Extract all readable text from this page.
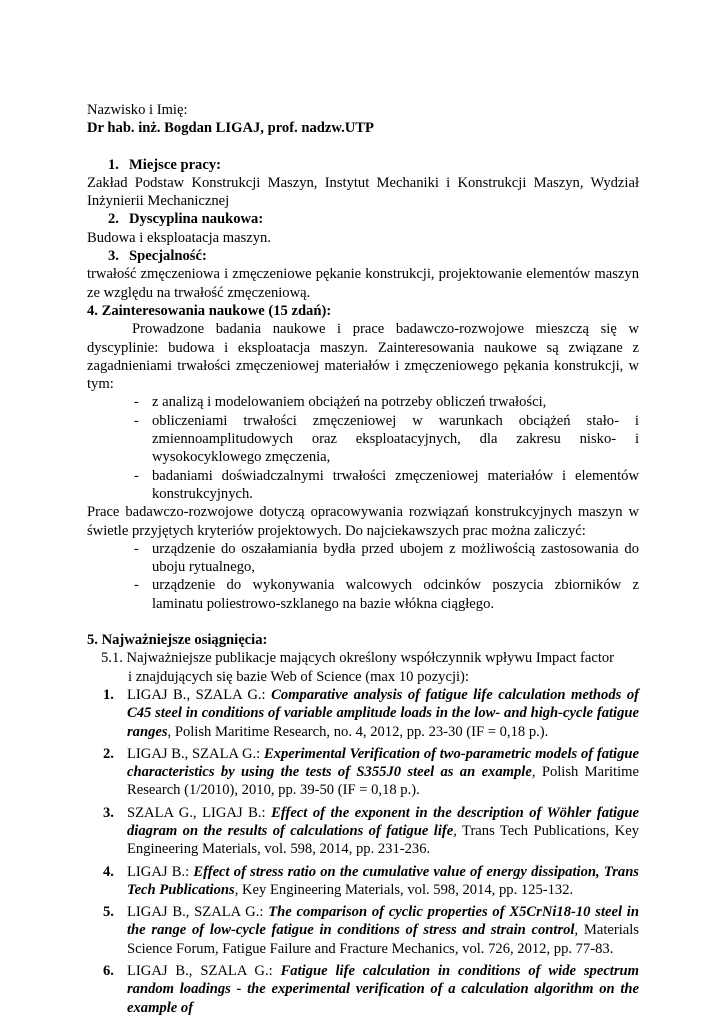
Nazwisko i Imię:
Dr hab. inż. Bogdan LIGAJ, prof. nadzw.UTP
1. Miejsce pracy:
Zakład Podstaw Konstrukcji Maszyn, Instytut Mechaniki i Konstrukcji Maszyn, Wydział
Inżynierii Mechanicznej
2. Dyscyplina naukowa:
Budowa i eksploatacja maszyn.
3. Specjalność:
trwałość zmęczeniowa i zmęczeniowe pękanie konstrukcji, projektowanie elementów maszyn
ze względu na trwałość zmęczeniową.
4. Zainteresowania naukowe (15 zdań):
Prowadzone badania naukowe i prace badawczo-rozwojowe mieszczą się w dyscyplinie: budowa i eksploatacja maszyn. Zainteresowania naukowe są związane z zagadnieniami trwałości zmęczeniowej materiałów i zmęczeniowego pękania konstrukcji, w tym:
- z analizą i modelowaniem obciążeń na potrzeby obliczeń trwałości,
- obliczeniami trwałości zmęczeniowej w warunkach obciążeń stało- i zmiennoamplitudowych oraz eksploatacyjnych, dla zakresu nisko- i wysokocyklowego zmęczenia,
- badaniami doświadczalnymi trwałości zmęczeniowej materiałów i elementów konstrukcyjnych.
Prace badawczo-rozwojowe dotyczą opracowywania rozwiązań konstrukcyjnych maszyn w świetle przyjętych kryteriów projektowych. Do najciekawszych prac można zaliczyć:
- urządzenie do oszałamiania bydła przed ubojem z możliwością zastosowania do uboju rytualnego,
- urządzenie do wykonywania walcowych odcinków poszycia zbiorników z laminatu poliestrowo-szklanego na bazie włókna ciągłego.
5. Najważniejsze osiągnięcia:
5.1. Najważniejsze publikacje mających określony współczynnik wpływu Impact factor
i znajdujących się bazie Web of Science (max 10 pozycji):
1. LIGAJ B., SZALA G.: Comparative analysis of fatigue life calculation methods of C45 steel in conditions of variable amplitude loads in the low- and high-cycle fatigue ranges, Polish Maritime Research, no. 4, 2012, pp. 23-30 (IF = 0,18 p.).
2. LIGAJ B., SZALA G.: Experimental Verification of two-parametric models of fatigue characteristics by using the tests of S355J0 steel as an example, Polish Maritime Research (1/2010), 2010, pp. 39-50 (IF = 0,18 p.).
3. SZALA G., LIGAJ B.: Effect of the exponent in the description of Wöhler fatigue diagram on the results of calculations of fatigue life, Trans Tech Publications, Key Engineering Materials, vol. 598, 2014, pp. 231-236.
4. LIGAJ B.: Effect of stress ratio on the cumulative value of energy dissipation, Trans Tech Publications, Key Engineering Materials, vol. 598, 2014, pp. 125-132.
5. LIGAJ B., SZALA G.: The comparison of cyclic properties of X5CrNi18-10 steel in the range of low-cycle fatigue in conditions of stress and strain control, Materials Science Forum, Fatigue Failure and Fracture Mechanics, vol. 726, 2012, pp. 77-83.
6. LIGAJ B., SZALA G.: Fatigue life calculation in conditions of wide spectrum random loadings - the experimental verification of a calculation algorithm on the example of
